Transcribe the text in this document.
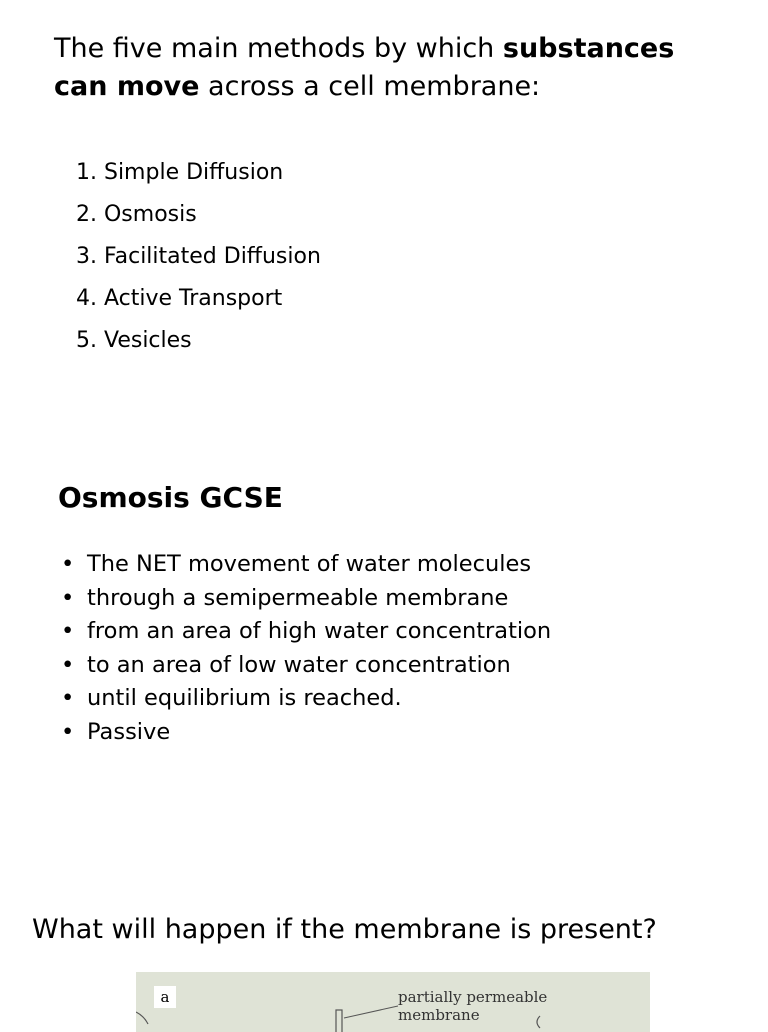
The five main methods by which substances can move across a cell membrane:
1. Simple Diffusion
2. Osmosis
3. Facilitated Diffusion
4. Active Transport
5. Vesicles
Osmosis GCSE
• The NET movement of water molecules
• through a semipermeable membrane
• from an area of high water concentration
• to an area of low water concentration
• until equilibrium is reached.
• Passive
What will happen if the membrane is present?
a	partially permeable
membrane
